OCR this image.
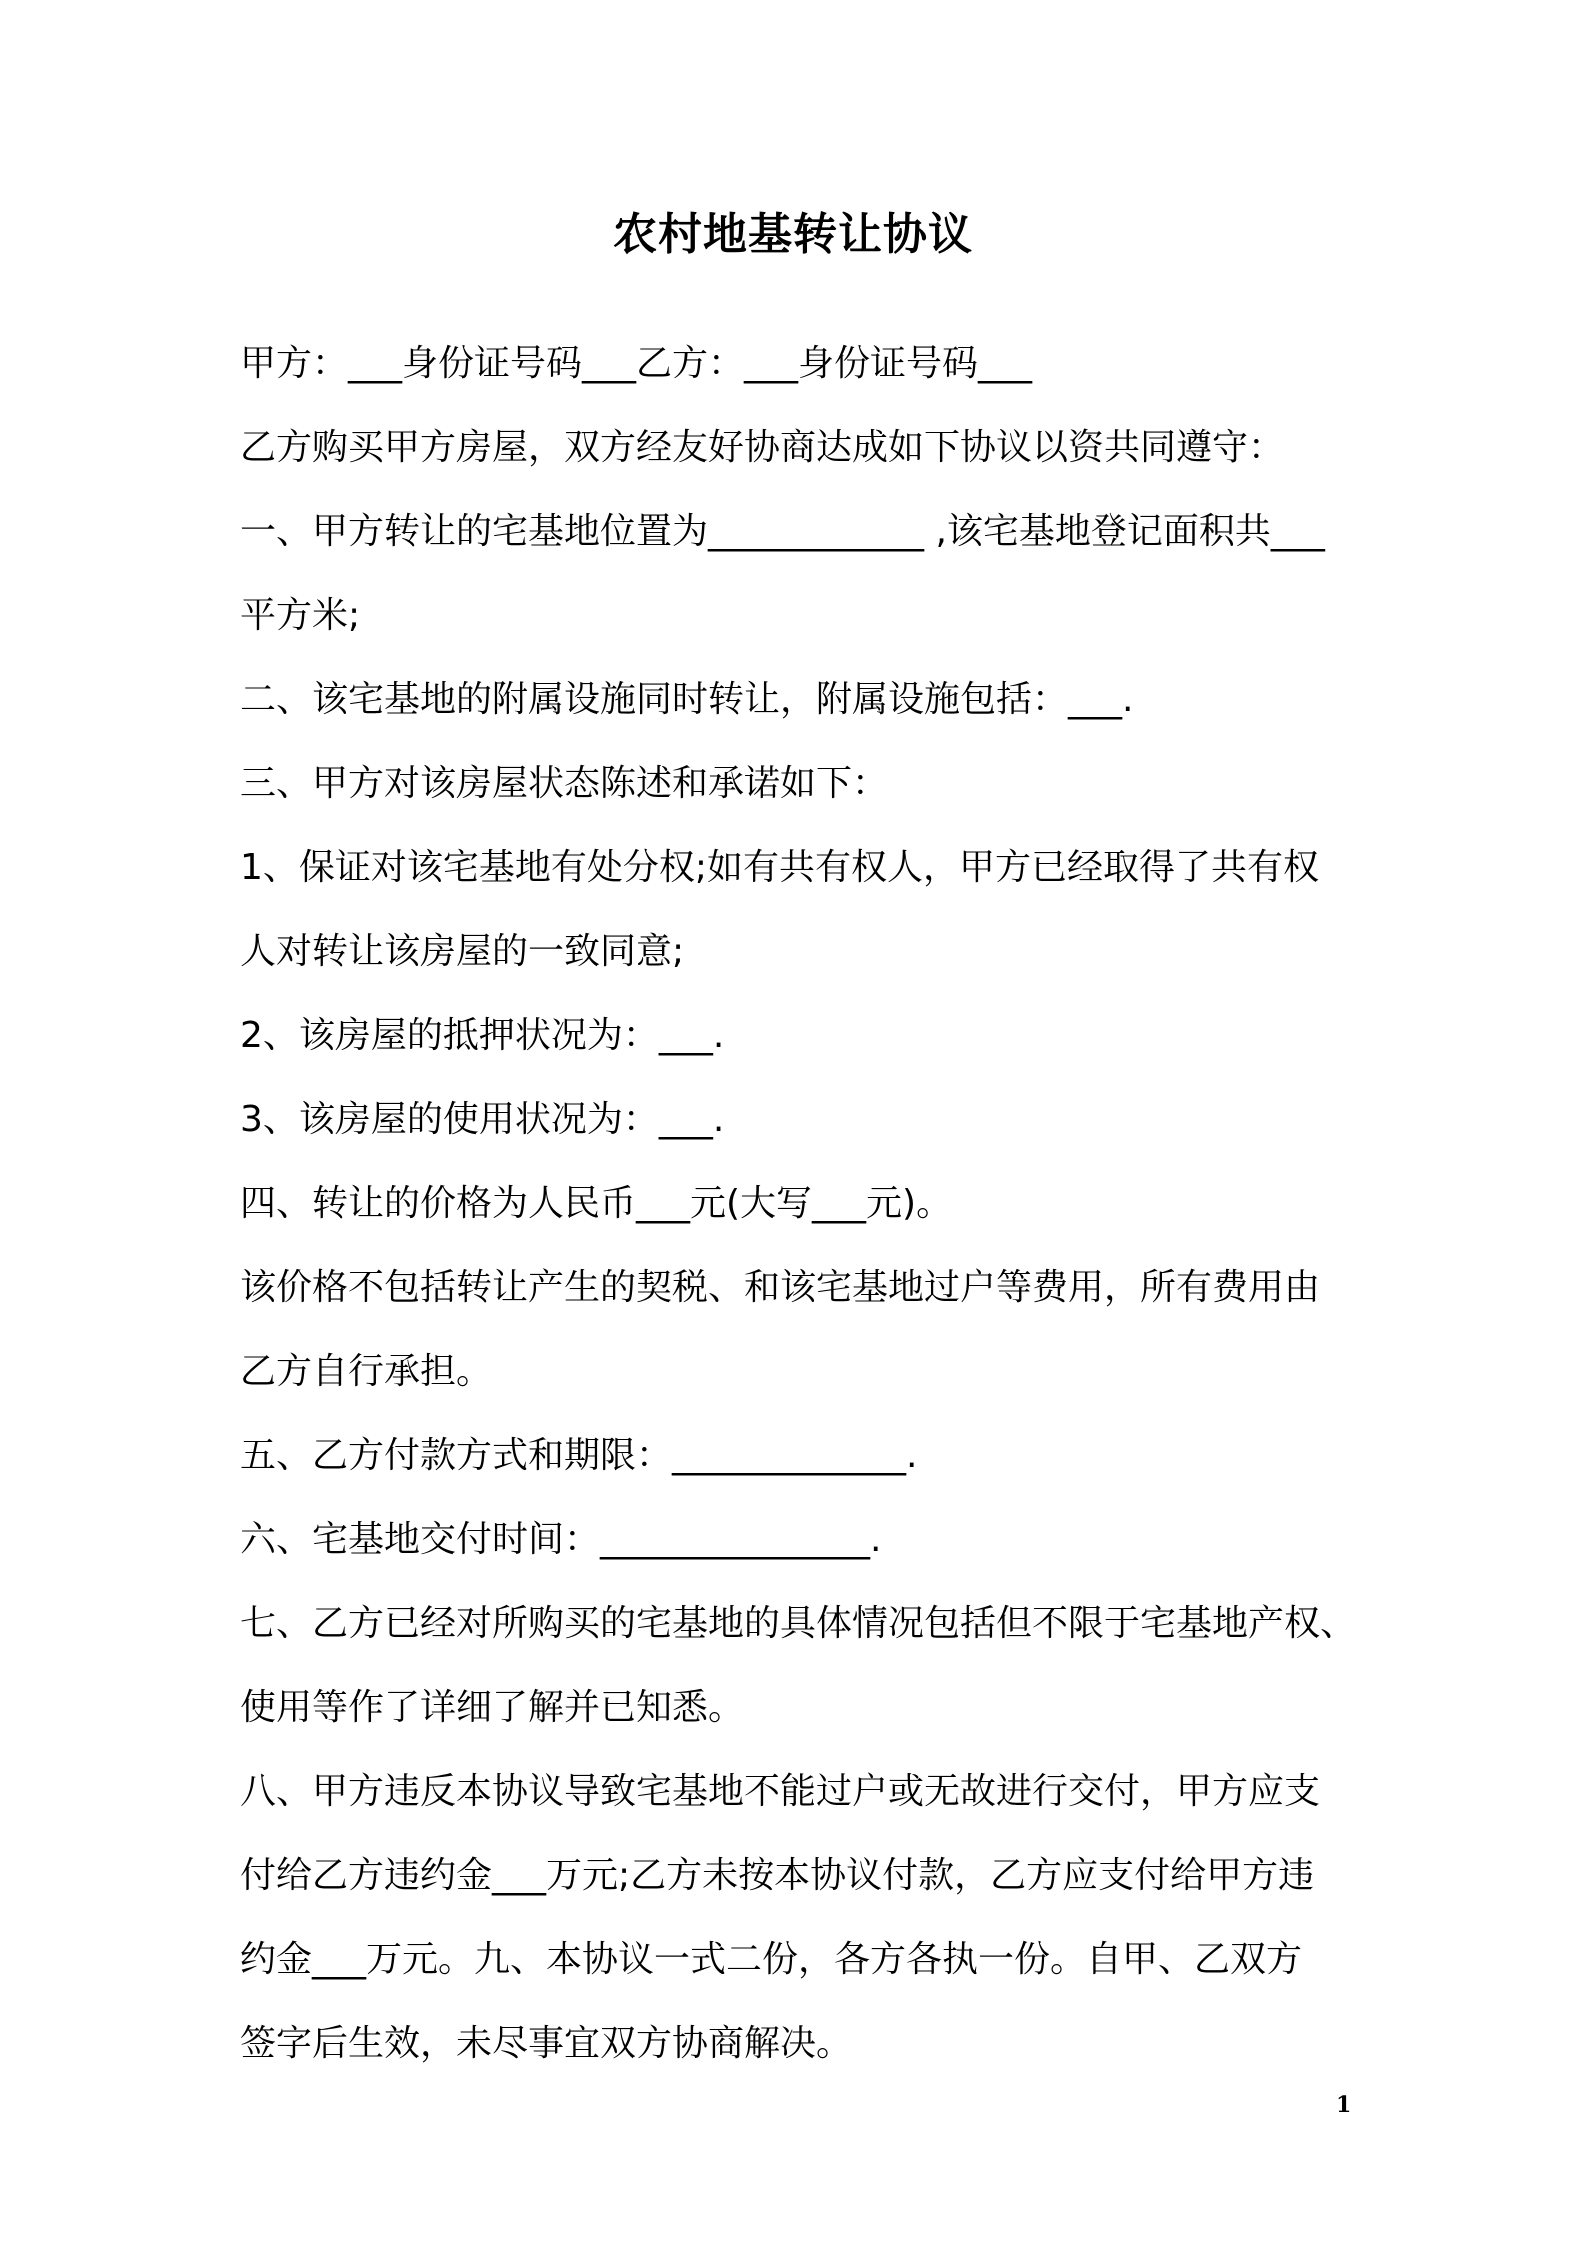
农村地基转让协议
甲方：___身份证号码___乙方：___身份证号码___
乙方购买甲方房屋，双方经友好协商达成如下协议以资共同遵守：
一、甲方转让的宅基地位置为____________ ,该宅基地登记面积共___
平方米;
二、该宅基地的附属设施同时转让，附属设施包括：___.
三、甲方对该房屋状态陈述和承诺如下：
1、保证对该宅基地有处分权;如有共有权人，甲方已经取得了共有权
人对转让该房屋的一致同意;
2、该房屋的抵押状况为：___.
3、该房屋的使用状况为：___.
四、转让的价格为人民币___元(大写___元)。
该价格不包括转让产生的契税、和该宅基地过户等费用，所有费用由
乙方自行承担。
五、乙方付款方式和期限：_____________.
六、宅基地交付时间：_______________.
七、乙方已经对所购买的宅基地的具体情况包括但不限于宅基地产权、
使用等作了详细了解并已知悉。
八、甲方违反本协议导致宅基地不能过户或无故进行交付，甲方应支
付给乙方违约金___万元;乙方未按本协议付款，乙方应支付给甲方违
约金___万元。九、本协议一式二份，各方各执一份。自甲、乙双方
签字后生效，未尽事宜双方协商解决。
1
